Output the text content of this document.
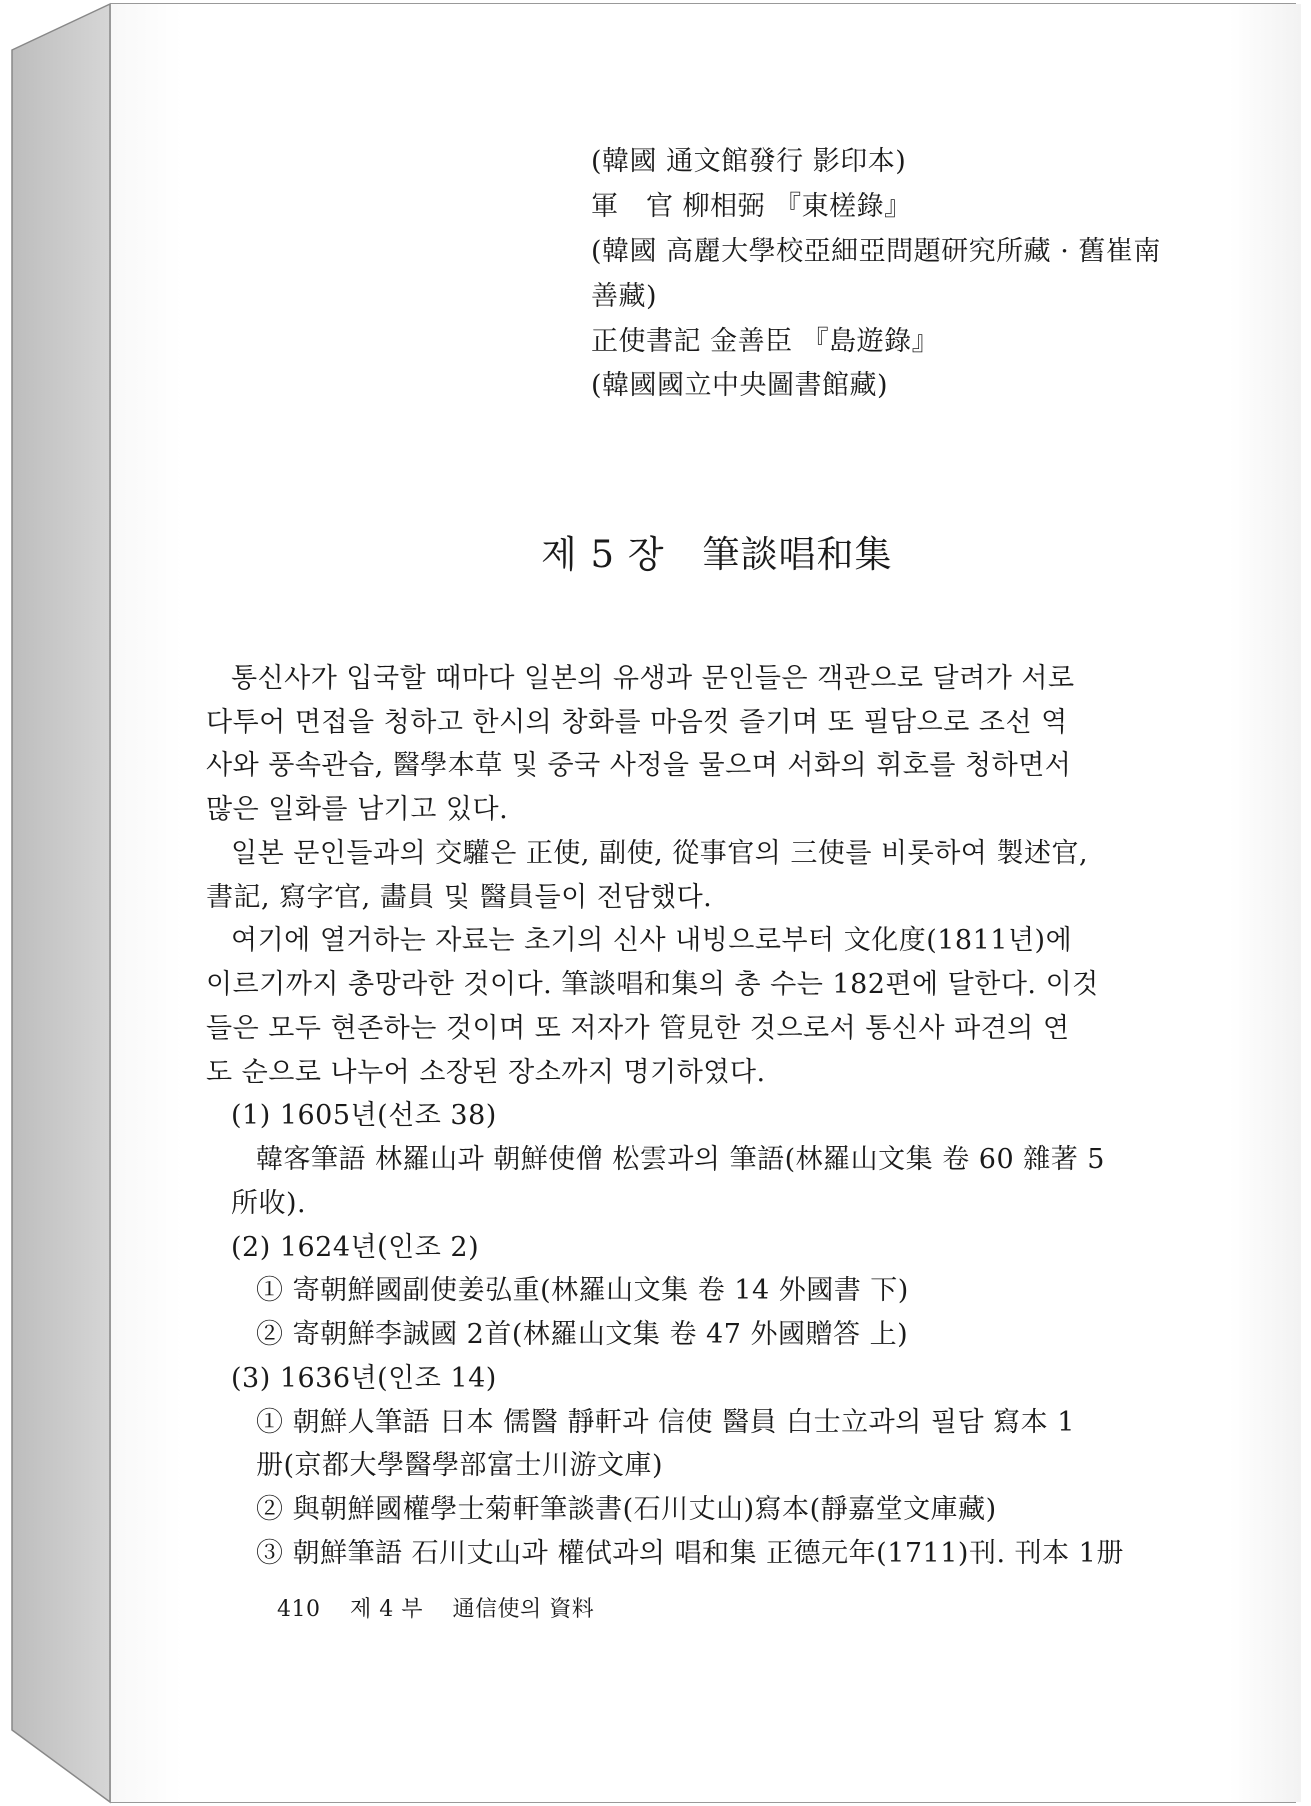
(韓國 通文館發行 影印本)
軍　官 柳相弼 『東槎錄』
(韓國 高麗大學校亞細亞問題研究所藏 · 舊崔南
善藏)
正使書記 金善臣 『島遊錄』
(韓國國立中央圖書館藏)
제 5 장　筆談唱和集
통신사가 입국할 때마다 일본의 유생과 문인들은 객관으로 달려가 서로
다투어 면접을 청하고 한시의 창화를 마음껏 즐기며 또 필담으로 조선 역
사와 풍속관습, 醫學本草 및 중국 사정을 물으며 서화의 휘호를 청하면서
많은 일화를 남기고 있다.
일본 문인들과의 交驩은 正使, 副使, 從事官의 三使를 비롯하여 製述官,
書記, 寫字官, 畵員 및 醫員들이 전담했다.
여기에 열거하는 자료는 초기의 신사 내빙으로부터 文化度(1811년)에
이르기까지 총망라한 것이다. 筆談唱和集의 총 수는 182편에 달한다. 이것
들은 모두 현존하는 것이며 또 저자가 管見한 것으로서 통신사 파견의 연
도 순으로 나누어 소장된 장소까지 명기하였다.
(1) 1605년(선조 38)
韓客筆語 林羅山과 朝鮮使僧 松雲과의 筆語(林羅山文集 卷 60 雜著 5
所收).
(2) 1624년(인조 2)
① 寄朝鮮國副使姜弘重(林羅山文集 卷 14 外國書 下)
② 寄朝鮮李誠國 2首(林羅山文集 卷 47 外國贈答 上)
(3) 1636년(인조 14)
① 朝鮮人筆語 日本 儒醫 靜軒과 信使 醫員 白士立과의 필담 寫本 1
册(京都大學醫學部富士川游文庫)
② 與朝鮮國權學士菊軒筆談書(石川丈山)寫本(靜嘉堂文庫藏)
③ 朝鮮筆語 石川丈山과 權侙과의 唱和集 正德元年(1711)刊. 刊本 1册
410 제 4 부 通信使의 資料
